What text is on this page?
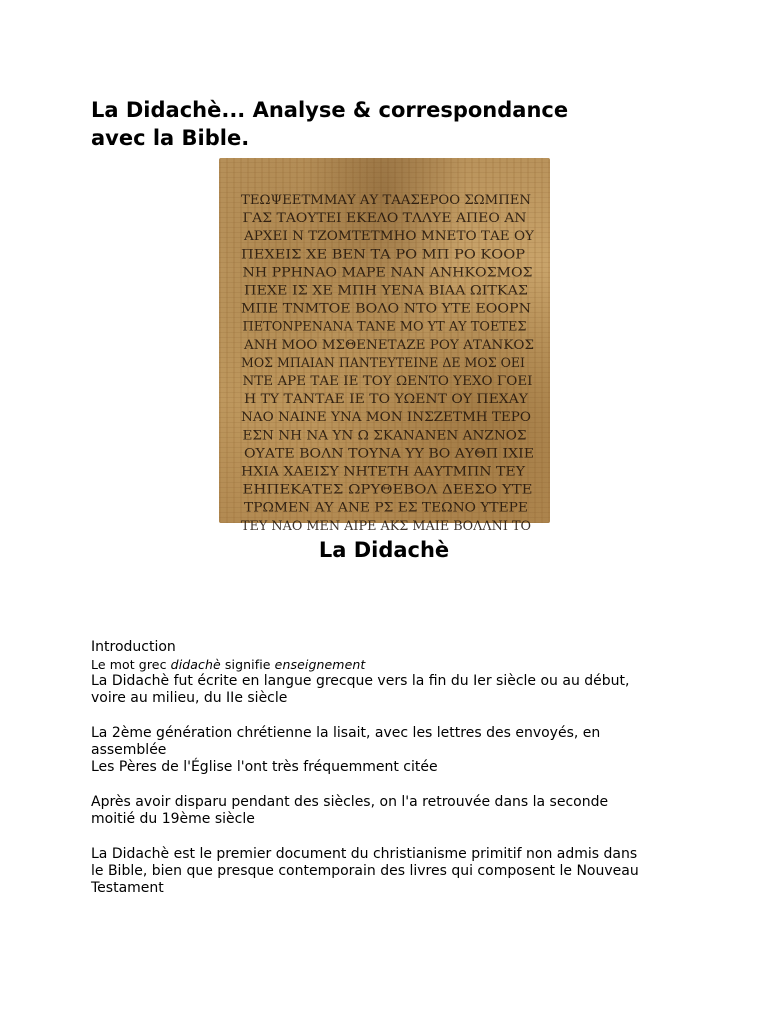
La Didachè... Analyse & correspondance
avec la Bible.
ΤΕΩΨΕΕΤΜΜΑΥ ΑΥ ΤΑΑΣΕΡΟΟ ΣΩΜΠΕΝ
ΓΑΣ ΤΑΟΥΤΕΙ ΕΚΕΛΟ ΤΛΛΥΕ ΑΠΕΟ ΑΝ
ΑΡΧΕΙ Ν ΤΖΟΜΤΕΤΜΗΟ ΜΝΕΤΟ ΤΑΕ ΟΥ
ΠΕΧΕΙΣ ΧΕ ΒΕΝ ΤΑ ΡΟ ΜΠ ΡΟ ΚΟΟΡ
ΝΗ ΡΡΗΝΑΟ ΜΑΡΕ ΝΑΝ ΑΝΗΚΟΣΜΟΣ
ΠΕΧΕ ΙΣ ΧΕ ΜΠΗ ΥΕΝΑ ΒΙΑΑ ΩΙΤΚΑΣ
ΜΠΕ ΤΝΜΤΟΕ ΒΟΛΟ ΝΤΟ ΥΤΕ ΕΟΟΡΝ
ΠΕΤΟΝΡΕΝΑΝΑ ΤΑΝΕ ΜΟ ΥΤ ΑΥ ΤΟΕΤΕΣ
ΑΝΗ ΜΟΟ ΜΣΘΕΝΕΤΑΖΕ ΡΟΥ ΑΤΑΝΚΟΣ
ΜΟΣ ΜΠΑΙΑΝ ΠΑΝΤΕΥΤΕΙΝΕ ΔΕ ΜΟΣ ΟΕΙ
ΝΤΕ ΑΡΕ ΤΑΕ ΙΕ ΤΟΥ ΩΕΝΤΟ ΥΕΧΟ ΓΟΕΙ
Η ΤΥ ΤΑΝΤΑΕ ΙΕ ΤΟ ΥΩΕΝΤ ΟΥ ΠΕΧΑΥ
ΝΑΟ ΝΑΙΝΕ ΥΝΑ ΜΟΝ ΙΝΣΖΕΤΜΗ ΤΕΡΟ
ΕΣΝ ΝΗ ΝΑ ΥΝ Ω ΣΚΑΝΑΝΕΝ ΑΝΖΝΟΣ
ΟΥΑΤΕ ΒΟΛΝ ΤΟΥΝΑ ΥΥ ΒΟ ΑΥΘΠ ΙΧΙΕ
ΗΧΙΑ ΧΑΕΙΣΥ ΝΗΤΕΤΗ ΑΑΥΤΜΠΝ ΤΕΥ
ΕΗΠΕΚΑΤΕΣ ΩΡΥΘΕΒΟΛ ΔΕΕΣΟ ΥΤΕ
ΤΡΩΜΕΝ ΑΥ ΑΝΕ ΡΣ ΕΣ ΤΕΩΝΟ ΥΤΕΡΕ
ΤΕΥ ΝΑΟ ΜΕΝ ΑΙΡΕ ΑΚΣ ΜΑΙΕ ΒΟΛΛΝΙ ΤΟ
La Didachè

Introduction

Le mot grec didachè signifie enseignement

La Didachè fut écrite en langue grecque vers la fin du Ier siècle ou au début,

voire au milieu, du IIe siècle

La 2ème génération chrétienne la lisait, avec les lettres des envoyés, en

assemblée

Les Pères de l'Église l'ont très fréquemment citée

Après avoir disparu pendant des siècles, on l'a retrouvée dans la seconde

moitié du 19ème siècle

La Didachè est le premier document du christianisme primitif non admis dans

le Bible, bien que presque contemporain des livres qui composent le Nouveau

Testament
